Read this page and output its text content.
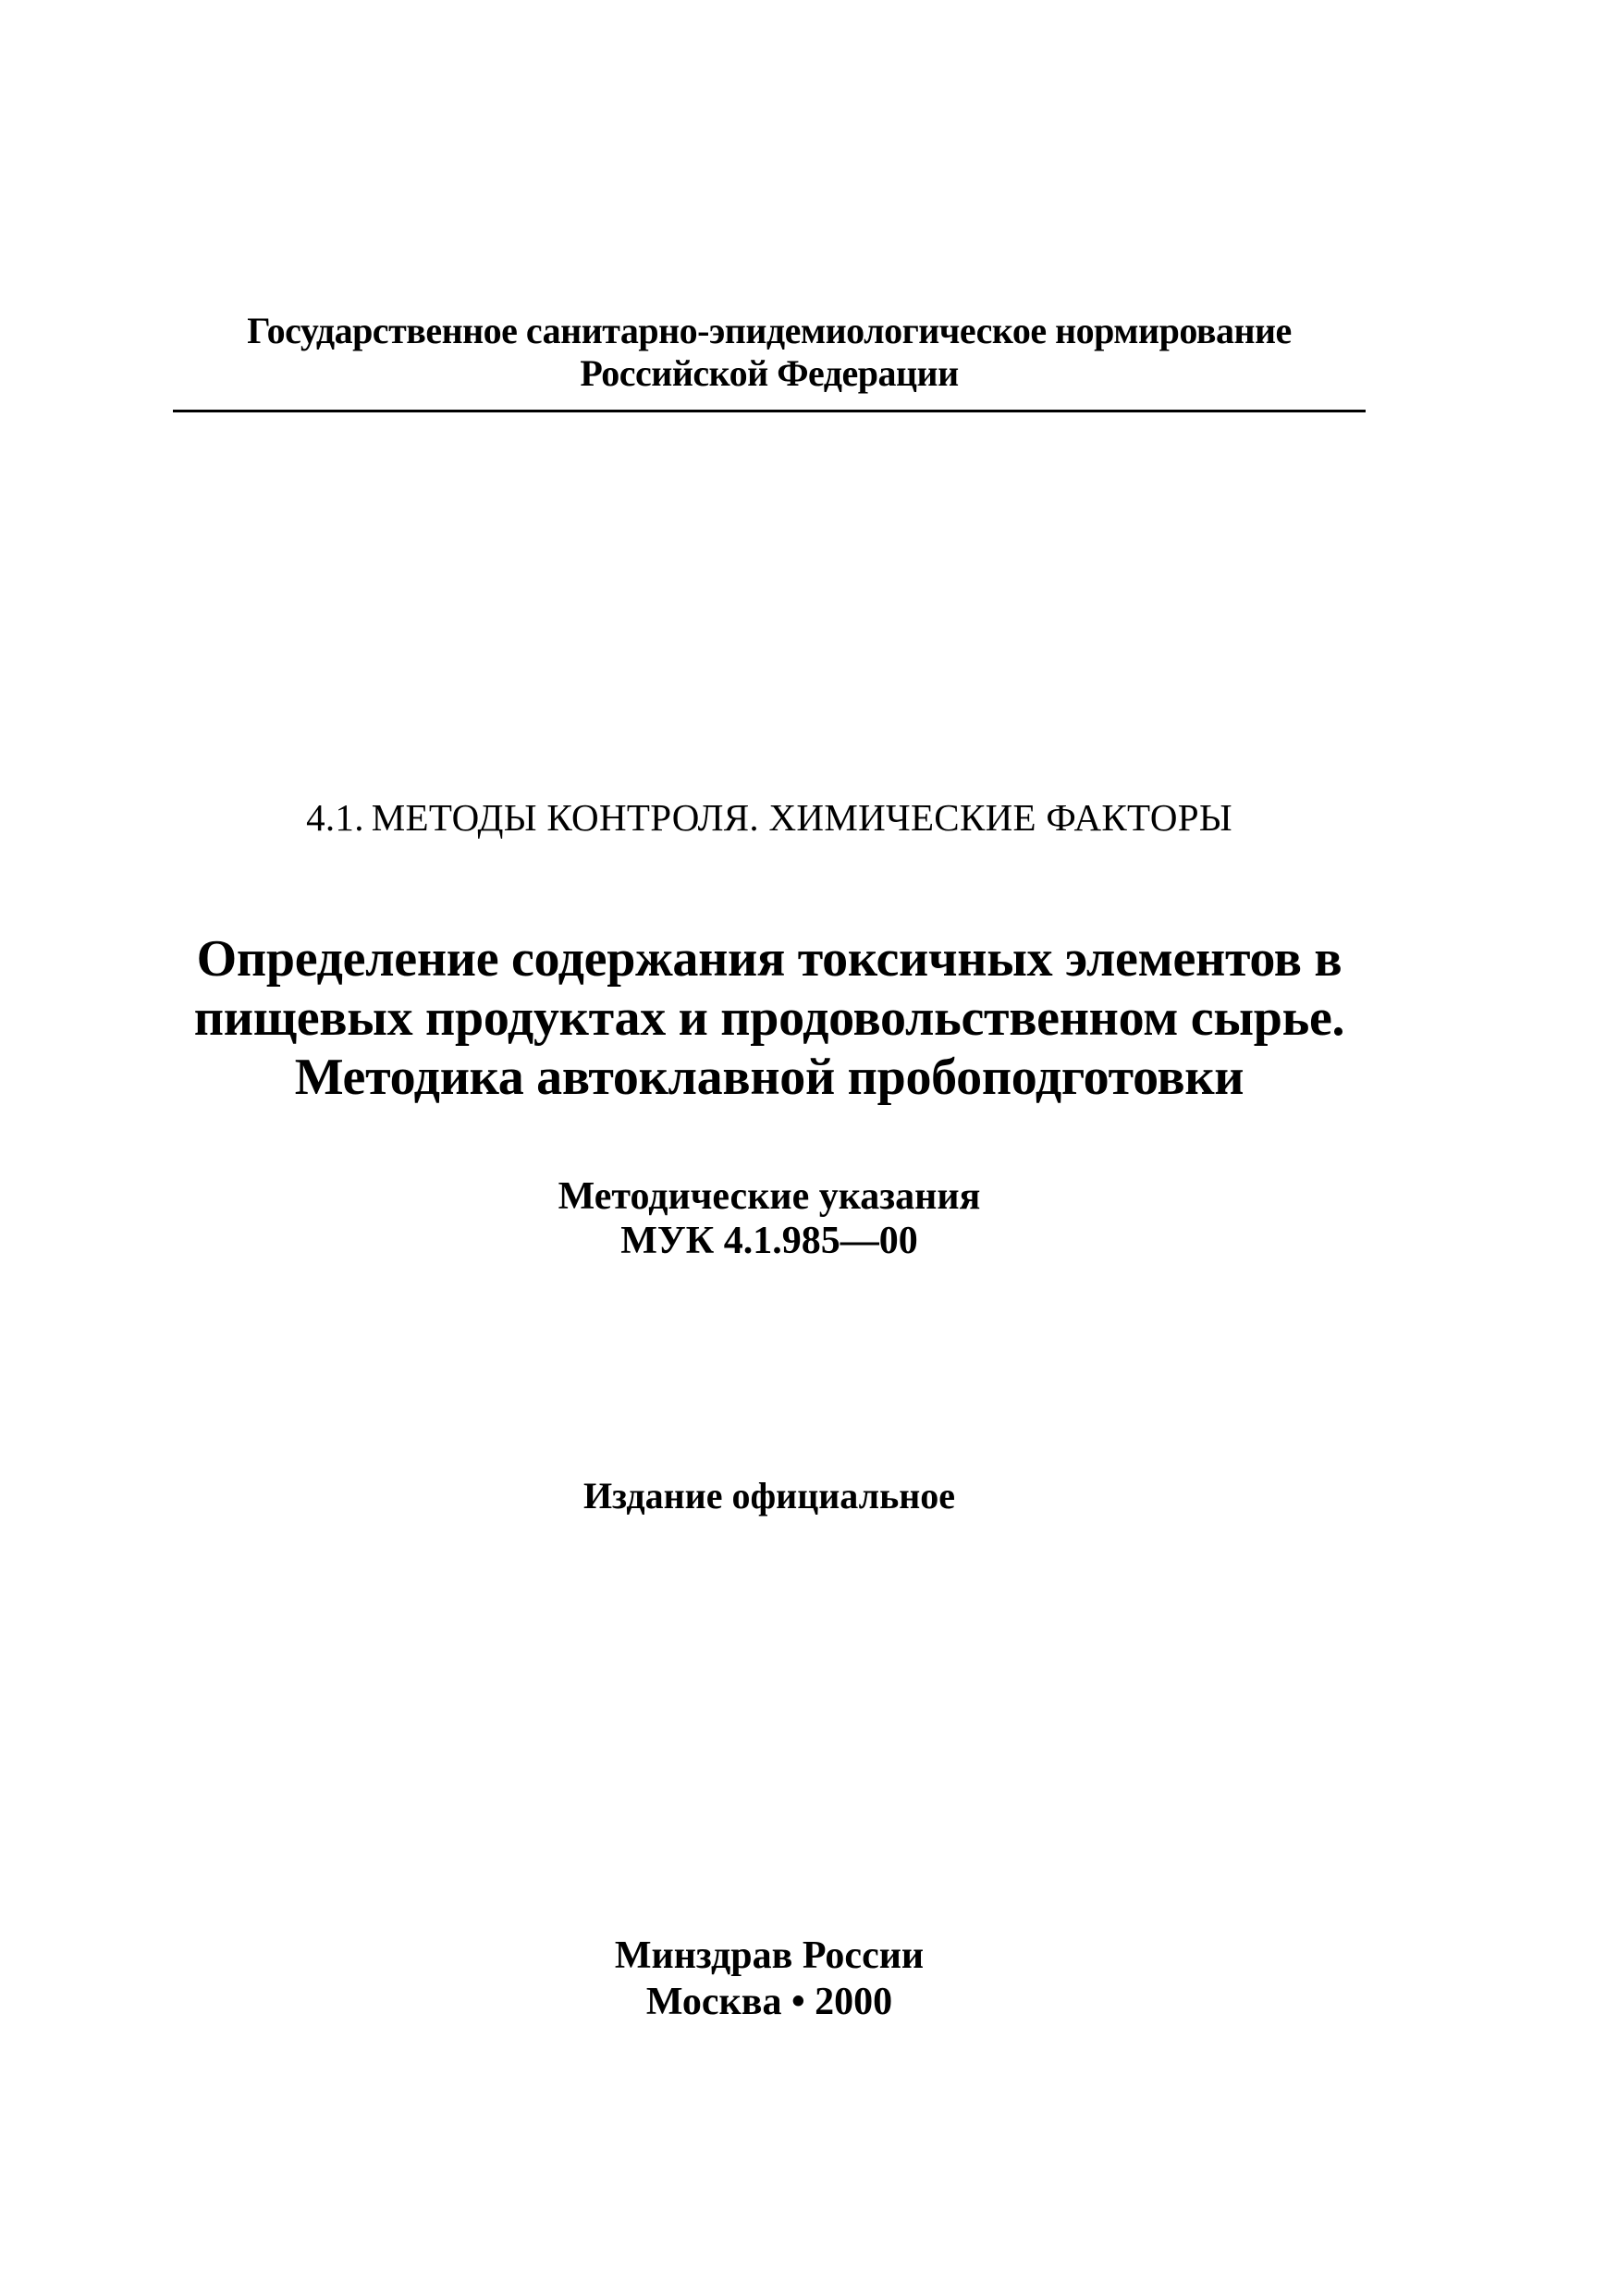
Государственное санитарно-эпидемиологическое нормирование
Российской Федерации
4.1. МЕТОДЫ КОНТРОЛЯ. ХИМИЧЕСКИЕ ФАКТОРЫ
Определение содержания токсичных элементов в
пищевых продуктах и продовольственном сырье.
Методика автоклавной пробоподготовки
Методические указания
МУК 4.1.985—00
Издание официальное
Минздрав России
Москва • 2000
